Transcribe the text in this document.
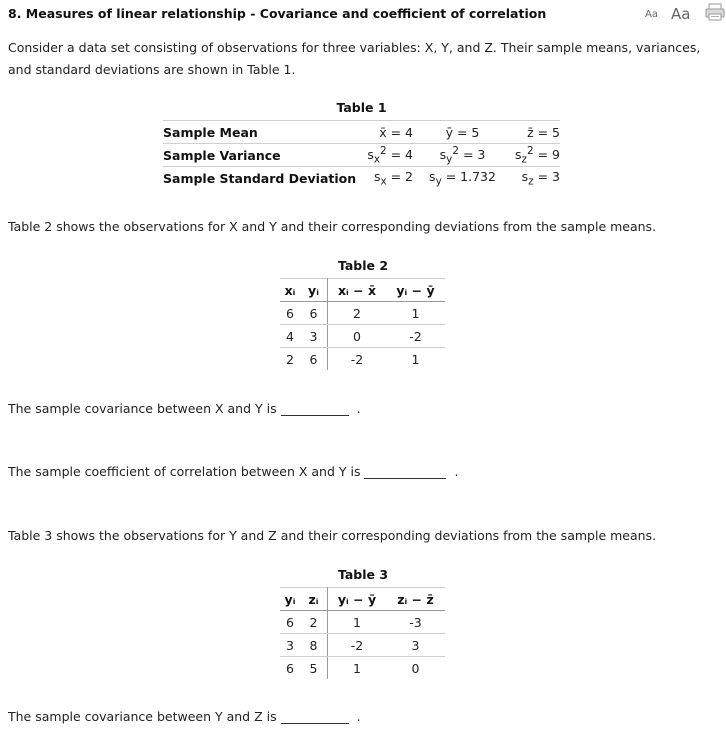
8. Measures of linear relationship - Covariance and coefficient of correlation	Aa Aa
Consider a data set consisting of observations for three variables: X, Y, and Z. Their sample means, variances, and standard deviations are shown in Table 1.
Table 1
Sample Mean	x̄ = 4	ȳ = 5	z̄ = 5
Sample Variance	$s_x^2 = 4$	$s_y^2 = 3$	$s_z^2 = 9$
Sample Standard Deviation	$s_x = 2$	$s_y = 1.732$	$s_z = 3$
Table 2 shows the observations for X and Y and their corresponding deviations from the sample means.
Table 2
xᵢ	yᵢ	xᵢ − x̄	yᵢ − ȳ
6	6	2	1
4	3	0	-2
2	6	-2	1
The sample covariance between X and Y is	.
The sample coefficient of correlation between X and Y is	.
Table 3 shows the observations for Y and Z and their corresponding deviations from the sample means.
Table 3
yᵢ	zᵢ	yᵢ − ȳ	zᵢ − z̄
6	2	1	-3
3	8	-2	3
6	5	1	0
The sample covariance between Y and Z is	.
